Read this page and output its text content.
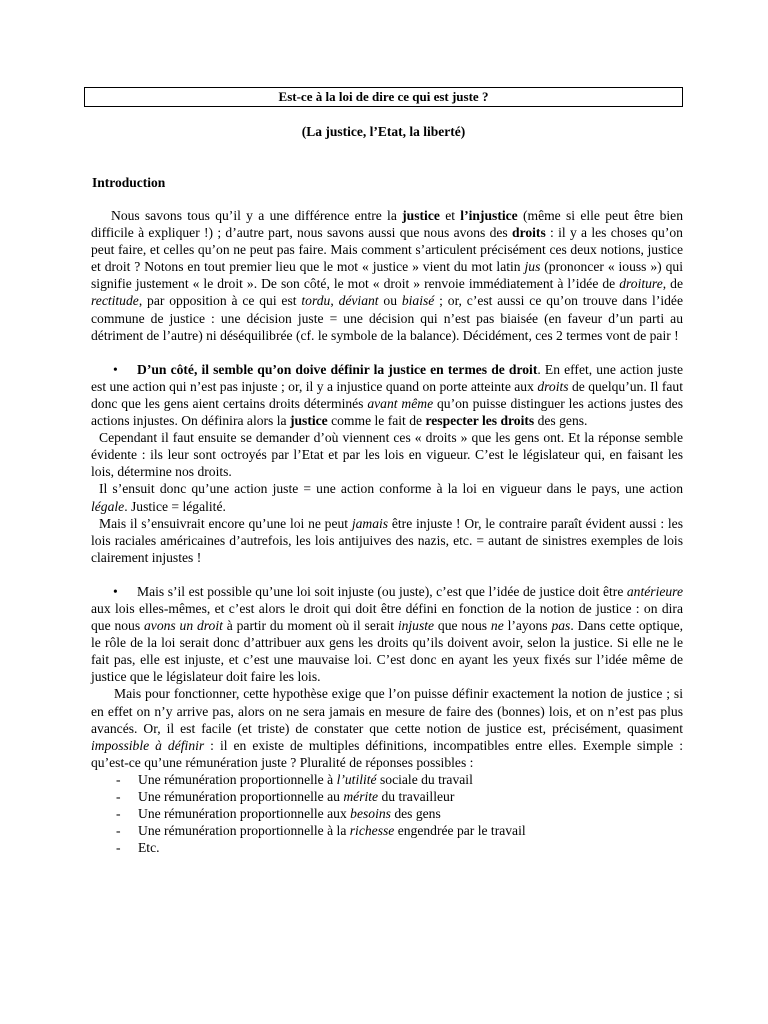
Est-ce à la loi de dire ce qui est juste ?
(La justice, l’Etat, la liberté)
Introduction

Nous savons tous qu’il y a une différence entre la justice et l’injustice (même si elle peut être bien difficile à expliquer !) ; d’autre part, nous savons aussi que nous avons des droits : il y a les choses qu’on peut faire, et celles qu’on ne peut pas faire. Mais comment s’articulent précisément ces deux notions, justice et droit ? Notons en tout premier lieu que le mot « justice » vient du mot latin jus (prononcer « iouss ») qui signifie justement « le droit ». De son côté, le mot « droit » renvoie immédiatement à l’idée de droiture, de rectitude, par opposition à ce qui est tordu, déviant ou biaisé ; or, c’est aussi ce qu’on trouve dans l’idée commune de justice : une décision juste = une décision qui n’est pas biaisée (en faveur d’un parti au détriment de l’autre) ni déséquilibrée (cf. le symbole de la balance). Décidément, ces 2 termes vont de pair !

• D’un côté, il semble qu’on doive définir la justice en termes de droit. En effet, une action juste est une action qui n’est pas injuste ; or, il y a injustice quand on porte atteinte aux droits de quelqu’un. Il faut donc que les gens aient certains droits déterminés avant même qu’on puisse distinguer les actions justes des actions injustes. On définira alors la justice comme le fait de respecter les droits des gens.

Cependant il faut ensuite se demander d’où viennent ces « droits » que les gens ont. Et la réponse semble évidente : ils leur sont octroyés par l’Etat et par les lois en vigueur. C’est le législateur qui, en faisant les lois, détermine nos droits.

Il s’ensuit donc qu’une action juste = une action conforme à la loi en vigueur dans le pays, une action légale. Justice = légalité.

Mais il s’ensuivrait encore qu’une loi ne peut jamais être injuste ! Or, le contraire paraît évident aussi : les lois raciales américaines d’autrefois, les lois antijuives des nazis, etc. = autant de sinistres exemples de lois clairement injustes !

• Mais s’il est possible qu’une loi soit injuste (ou juste), c’est que l’idée de justice doit être antérieure aux lois elles-mêmes, et c’est alors le droit qui doit être défini en fonction de la notion de justice : on dira que nous avons un droit à partir du moment où il serait injuste que nous ne l’ayons pas. Dans cette optique, le rôle de la loi serait donc d’attribuer aux gens les droits qu’ils doivent avoir, selon la justice. Si elle ne le fait pas, elle est injuste, et c’est une mauvaise loi. C’est donc en ayant les yeux fixés sur l’idée même de justice que le législateur doit faire les lois.

Mais pour fonctionner, cette hypothèse exige que l’on puisse définir exactement la notion de justice ; si en effet on n’y arrive pas, alors on ne sera jamais en mesure de faire des (bonnes) lois, et on n’est pas plus avancés. Or, il est facile (et triste) de constater que cette notion de justice est, précisément, quasiment impossible à définir : il en existe de multiples définitions, incompatibles entre elles. Exemple simple : qu’est-ce qu’une rémunération juste ? Pluralité de réponses possibles :

- Une rémunération proportionnelle à l’utilité sociale du travail
- Une rémunération proportionnelle au mérite du travailleur
- Une rémunération proportionnelle aux besoins des gens
- Une rémunération proportionnelle à la richesse engendrée par le travail
- Etc.
